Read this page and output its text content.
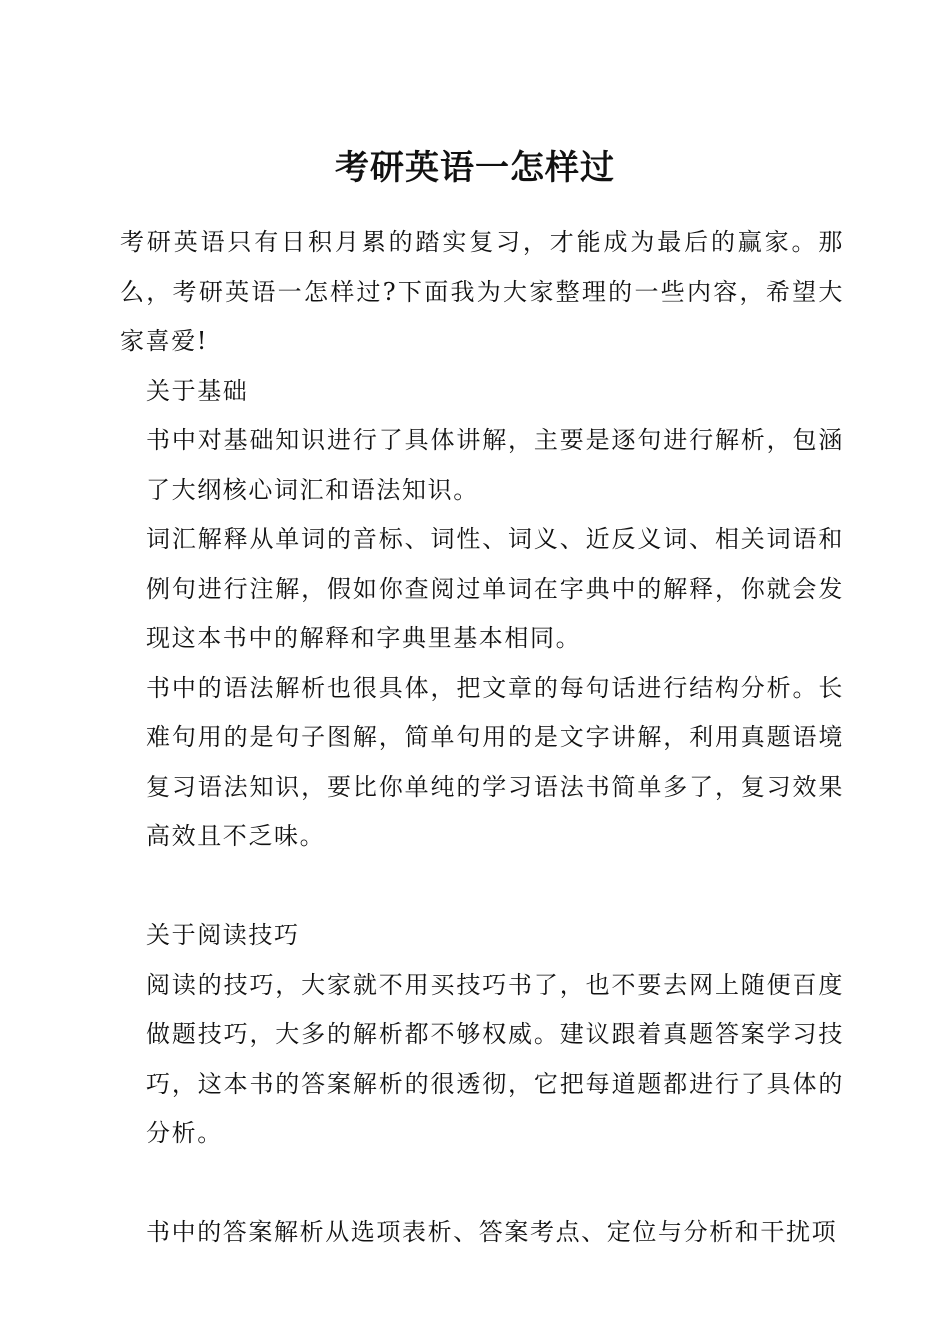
考研英语一怎样过

考研英语只有日积月累的踏实复习，才能成为最后的赢家。那么，考研英语一怎样过?下面我为大家整理的一些内容，希望大家喜爱!

关于基础

书中对基础知识进行了具体讲解，主要是逐句进行解析，包涵了大纲核心词汇和语法知识。

词汇解释从单词的音标、词性、词义、近反义词、相关词语和例句进行注解，假如你查阅过单词在字典中的解释，你就会发现这本书中的解释和字典里基本相同。

书中的语法解析也很具体，把文章的每句话进行结构分析。长难句用的是句子图解，简单句用的是文字讲解，利用真题语境复习语法知识，要比你单纯的学习语法书简单多了，复习效果高效且不乏味。

关于阅读技巧

阅读的技巧，大家就不用买技巧书了，也不要去网上随便百度做题技巧，大多的解析都不够权威。建议跟着真题答案学习技巧，这本书的答案解析的很透彻，它把每道题都进行了具体的分析。

书中的答案解析从选项表析、答案考点、定位与分析和干扰项
